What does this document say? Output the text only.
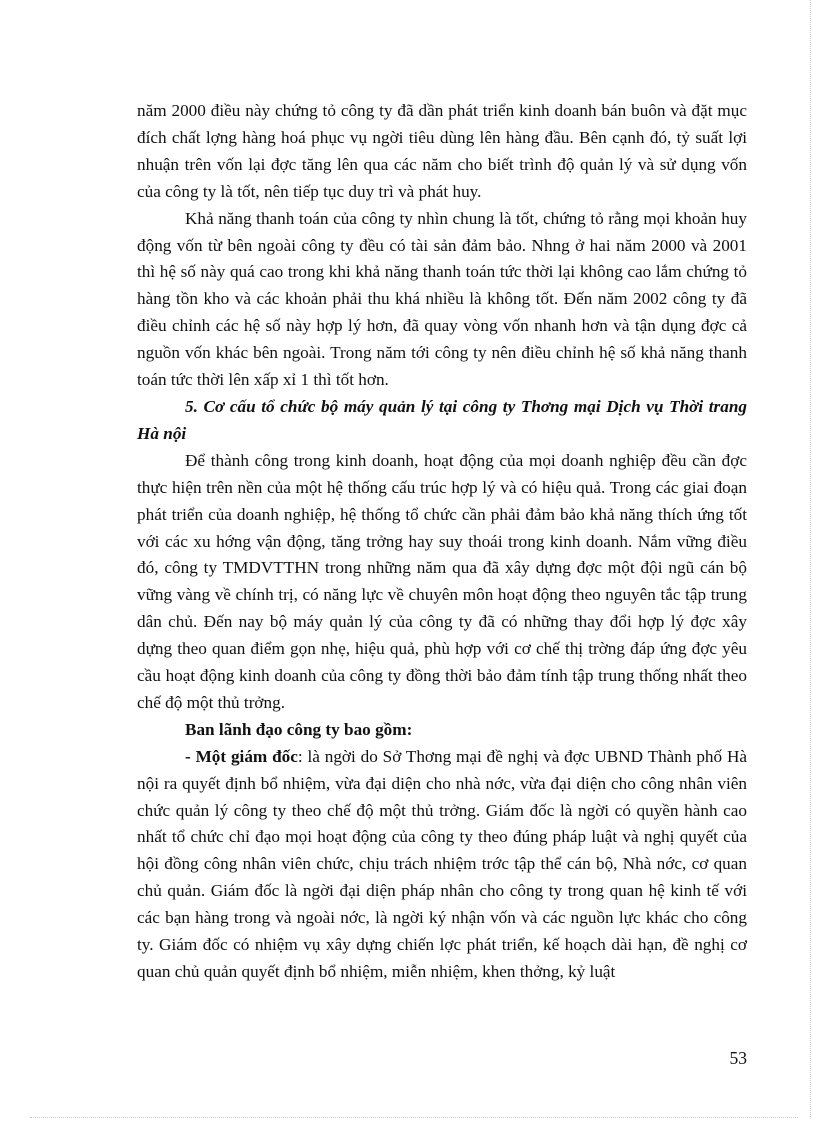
năm 2000 điều này chứng tỏ công ty đã dần phát triển kinh doanh bán buôn và đặt mục đích chất lợng hàng hoá phục vụ ngời tiêu dùng lên hàng đầu. Bên cạnh đó, tỷ suất lợi nhuận trên vốn lại đợc tăng lên qua các năm cho biết trình độ quản lý và sử dụng vốn của công ty là tốt, nên tiếp tục duy trì và phát huy.

Khả năng thanh toán của công ty nhìn chung là tốt, chứng tỏ rằng mọi khoản huy động vốn từ bên ngoài công ty đều có tài sản đảm bảo. Nhng ở hai năm 2000 và 2001 thì hệ số này quá cao trong khi khả năng thanh toán tức thời lại không cao lắm chứng tỏ hàng tồn kho và các khoản phải thu khá nhiều là không tốt. Đến năm 2002 công ty đã điều chỉnh các hệ số này hợp lý hơn, đã quay vòng vốn nhanh hơn và tận dụng đợc cả nguồn vốn khác bên ngoài. Trong năm tới công ty nên điều chỉnh hệ số khả năng thanh toán tức thời lên xấp xỉ 1 thì tốt hơn.

5. Cơ cấu tổ chức bộ máy quản lý tại công ty Thơng mại Dịch vụ Thời trang Hà nội

Để thành công trong kinh doanh, hoạt động của mọi doanh nghiệp đều cần đợc thực hiện trên nền của một hệ thống cấu trúc hợp lý và có hiệu quả. Trong các giai đoạn phát triển của doanh nghiệp, hệ thống tổ chức cần phải đảm bảo khả năng thích ứng tốt với các xu hớng vận động, tăng trởng hay suy thoái trong kinh doanh. Nắm vững điều đó, công ty TMDVTTHN trong những năm qua đã xây dựng đợc một đội ngũ cán bộ vững vàng về chính trị, có năng lực về chuyên môn hoạt động theo nguyên tắc tập trung dân chủ. Đến nay bộ máy quản lý của công ty đã có những thay đổi hợp lý đợc xây dựng theo quan điểm gọn nhẹ, hiệu quả, phù hợp với cơ chế thị trờng đáp ứng đợc yêu cầu hoạt động kinh doanh của công ty đồng thời bảo đảm tính tập trung thống nhất theo chế độ một thủ trởng.

Ban lãnh đạo công ty bao gồm:

- Một giám đốc: là ngời do Sở Thơng mại đề nghị và đợc UBND Thành phố Hà nội ra quyết định bổ nhiệm, vừa đại diện cho nhà nớc, vừa đại diện cho công nhân viên chức quản lý công ty theo chế độ một thủ trởng. Giám đốc là ngời có quyền hành cao nhất tổ chức chỉ đạo mọi hoạt động của công ty theo đúng pháp luật và nghị quyết của hội đồng công nhân viên chức, chịu trách nhiệm trớc tập thể cán bộ, Nhà nớc, cơ quan chủ quản. Giám đốc là ngời đại diện pháp nhân cho công ty trong quan hệ kinh tế với các bạn hàng trong và ngoài nớc, là ngời ký nhận vốn và các nguồn lực khác cho công ty. Giám đốc có nhiệm vụ xây dựng chiến lợc phát triển, kế hoạch dài hạn, đề nghị cơ quan chủ quản quyết định bổ nhiệm, miễn nhiệm, khen thởng, kỷ luật

53
